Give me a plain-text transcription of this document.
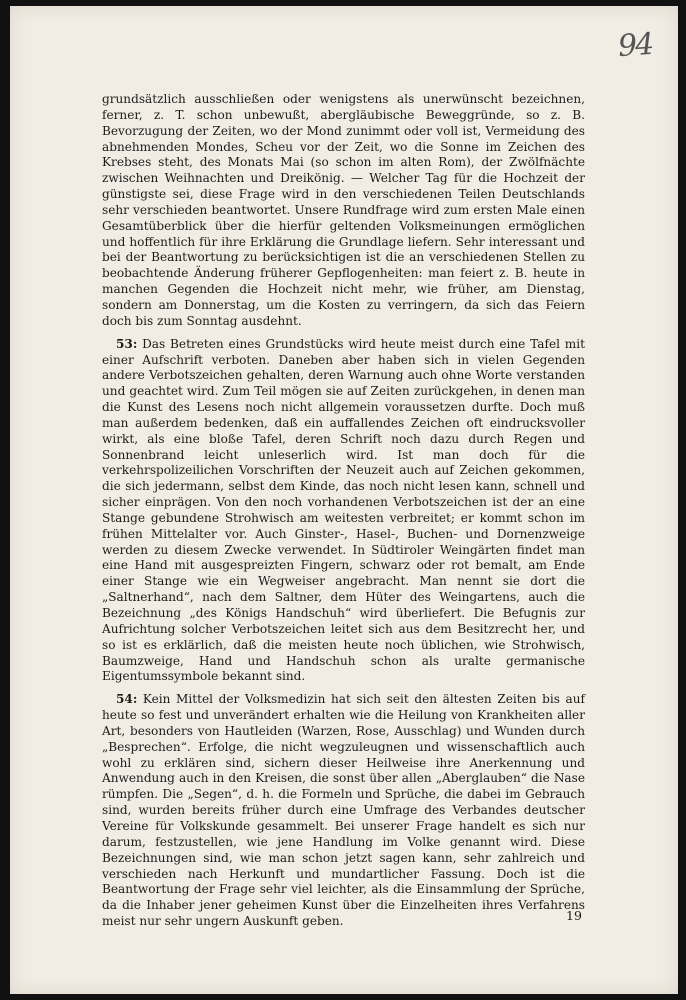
94

grundsätzlich ausschließen oder wenigstens als unerwünscht bezeichnen, ferner, z. T. schon unbewußt, abergläubische Beweggründe, so z. B. Bevorzugung der Zeiten, wo der Mond zunimmt oder voll ist, Vermeidung des abnehmenden Mondes, Scheu vor der Zeit, wo die Sonne im Zeichen des Krebses steht, des Monats Mai (so schon im alten Rom), der Zwölfnächte zwischen Weihnachten und Dreikönig. — Welcher Tag für die Hochzeit der günstigste sei, diese Frage wird in den verschiedenen Teilen Deutschlands sehr verschieden beantwortet. Unsere Rundfrage wird zum ersten Male einen Gesamtüberblick über die hierfür geltenden Volksmeinungen ermöglichen und hoffentlich für ihre Erklärung die Grundlage liefern. Sehr interessant und bei der Beantwortung zu berücksichtigen ist die an verschiedenen Stellen zu beobachtende Änderung früherer Gepflogenheiten: man feiert z. B. heute in manchen Gegenden die Hochzeit nicht mehr, wie früher, am Dienstag, sondern am Donnerstag, um die Kosten zu verringern, da sich das Feiern doch bis zum Sonntag ausdehnt.

53: Das Betreten eines Grundstücks wird heute meist durch eine Tafel mit einer Aufschrift verboten. Daneben aber haben sich in vielen Gegenden andere Verbotszeichen gehalten, deren Warnung auch ohne Worte verstanden und geachtet wird. Zum Teil mögen sie auf Zeiten zurückgehen, in denen man die Kunst des Lesens noch nicht allgemein voraussetzen durfte. Doch muß man außerdem bedenken, daß ein auffallendes Zeichen oft eindrucksvoller wirkt, als eine bloße Tafel, deren Schrift noch dazu durch Regen und Sonnenbrand leicht unleserlich wird. Ist man doch für die verkehrspolizeilichen Vorschriften der Neuzeit auch auf Zeichen gekommen, die sich jedermann, selbst dem Kinde, das noch nicht lesen kann, schnell und sicher einprägen. Von den noch vorhandenen Verbotszeichen ist der an eine Stange gebundene Strohwisch am weitesten verbreitet; er kommt schon im frühen Mittelalter vor. Auch Ginster-, Hasel-, Buchen- und Dornenzweige werden zu diesem Zwecke verwendet. In Südtiroler Weingärten findet man eine Hand mit ausgespreizten Fingern, schwarz oder rot bemalt, am Ende einer Stange wie ein Wegweiser angebracht. Man nennt sie dort die „Saltnerhand“, nach dem Saltner, dem Hüter des Weingartens, auch die Bezeichnung „des Königs Handschuh“ wird überliefert. Die Befugnis zur Aufrichtung solcher Verbotszeichen leitet sich aus dem Besitzrecht her, und so ist es erklärlich, daß die meisten heute noch üblichen, wie Strohwisch, Baumzweige, Hand und Handschuh schon als uralte germanische Eigentumssymbole bekannt sind.

54: Kein Mittel der Volksmedizin hat sich seit den ältesten Zeiten bis auf heute so fest und unverändert erhalten wie die Heilung von Krankheiten aller Art, besonders von Hautleiden (Warzen, Rose, Ausschlag) und Wunden durch „Besprechen“. Erfolge, die nicht wegzuleugnen und wissenschaftlich auch wohl zu erklären sind, sichern dieser Heilweise ihre Anerkennung und Anwendung auch in den Kreisen, die sonst über allen „Aberglauben“ die Nase rümpfen. Die „Segen“, d. h. die Formeln und Sprüche, die dabei im Gebrauch sind, wurden bereits früher durch eine Umfrage des Verbandes deutscher Vereine für Volkskunde gesammelt. Bei unserer Frage handelt es sich nur darum, festzustellen, wie jene Handlung im Volke genannt wird. Diese Bezeichnungen sind, wie man schon jetzt sagen kann, sehr zahlreich und verschieden nach Herkunft und mundartlicher Fassung. Doch ist die Beantwortung der Frage sehr viel leichter, als die Einsammlung der Sprüche, da die Inhaber jener geheimen Kunst über die Einzelheiten ihres Verfahrens meist nur sehr ungern Auskunft geben.	19
